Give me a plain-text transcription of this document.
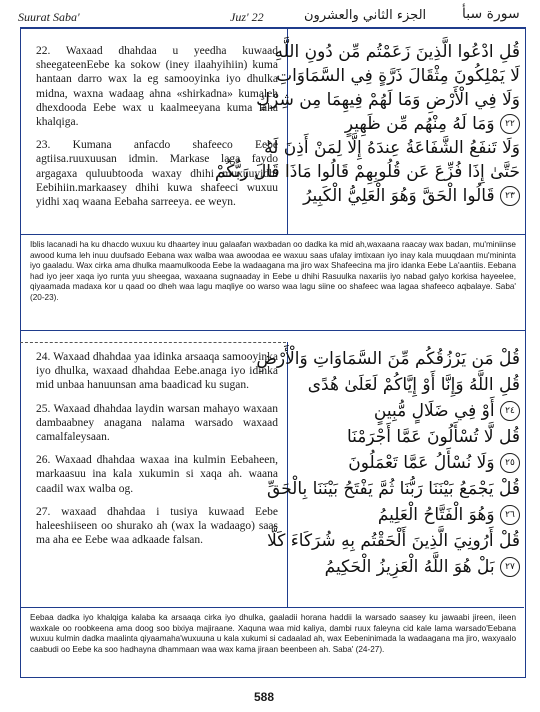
Suurat Saba'	Juz' 22	الجزء الثاني والعشرون	سورة سبأ

22. Waxaad dhahdaa u yeedha kuwaad sheegateenEebe ka sokow (iney ilaahyihiin) kuma hantaan darro wax la eg samooyinka iyo dhulka midna, waxna wadaag ahna «shirkadna» kumaleh dhexdooda Eebe wax u kaalmeeyana kuma laha khalqiga.

23. Kumana anfacdo shafeeco Eebe agtiisa.ruuxuusan idmin. Markase laga faydo argagaxa quluubtooda waxay dhihi muxuuyidhi Eebihiin.markaasey dhihi kuwa shafeeci wuxuu yidhi xaq waana Eebaha sarreeya. ee weyn.

قُلِ ادْعُوا الَّذِينَ زَعَمْتُم مِّن دُونِ اللَّهِ
لَا يَمْلِكُونَ مِثْقَالَ ذَرَّةٍ فِي السَّمَاوَاتِ
وَلَا فِي الْأَرْضِ وَمَا لَهُمْ فِيهِمَا مِن شِرْكٍ
٢٢ وَمَا لَهُ مِنْهُم مِّن ظَهِيرٍ
وَلَا تَنفَعُ الشَّفَاعَةُ عِندَهُ إِلَّا لِمَنْ أَذِنَ لَهُ
حَتَّىٰ إِذَا فُزِّعَ عَن قُلُوبِهِمْ قَالُوا مَاذَا قَالَ رَبُّكُمْ
٢٣ قَالُوا الْحَقَّ وَهُوَ الْعَلِيُّ الْكَبِيرُ

Iblis lacanadi ha ku dhacdo wuxuu ku dhaartey inuu galaafan waxbadan oo dadka ka mid ah,waxaana raacay wax badan, mu'miniinse awood kuma leh inuu duufsado Eebana wax walba waa awoodaa ee waxuu saas ufalay imtixaan iyo inay kala muuqdaan mu'mininta iyo gaaladu. Wax cirka ama dhulka maamulkooda Eebe la wadaagana ma jiro wax Shafeecina ma jiro idanka Eebe La'aantiis. Eebana had iyo jeer xaqa iyo runta yuu sheegaa, waxaana sugnaaday in Eebe u dhihi Rasuulka naxariis iyo nabad galyo korkisa hayeelee, qiyaamada madaxa kor u qaad oo dheh waa lagu maqliye oo warso waa lagu siine oo shafeec waa lagaa shafeeco aqbalaye. Saba' (20-23).

24. Waxaad dhahdaa yaa idinka arsaaqa samooyinka iyo dhulka, waxaad dhahdaa Eebe.anaga iyo idinka mid unbaa hanuunsan ama baadicad ku sugan.

25. Waxaad dhahdaa laydin warsan mahayo waxaan dambaabney anagana nalama warsado waxaad camalfaleysaan.

26. Waxaad dhahdaa waxaa ina kulmin Eebaheen, markaasuu ina kala xukumin si xaqa ah. waana caadil wax walba og.

27. waxaad dhahdaa i tusiya kuwaad Eebe haleeshiiseen oo shurako ah (wax la wadaago) saas ma aha ee Eebe waa adkaade falsan.

قُلْ مَن يَرْزُقُكُم مِّنَ السَّمَاوَاتِ وَالْأَرْضِ
قُلِ اللَّهُ وَإِنَّا أَوْ إِيَّاكُمْ لَعَلَىٰ هُدًى
٢٤ أَوْ فِي ضَلَالٍ مُّبِينٍ
قُل لَّا تُسْأَلُونَ عَمَّا أَجْرَمْنَا
٢٥ وَلَا نُسْأَلُ عَمَّا تَعْمَلُونَ
قُلْ يَجْمَعُ بَيْنَنَا رَبُّنَا ثُمَّ يَفْتَحُ بَيْنَنَا بِالْحَقِّ
٢٦ وَهُوَ الْفَتَّاحُ الْعَلِيمُ
قُلْ أَرُونِيَ الَّذِينَ أَلْحَقْتُم بِهِ شُرَكَاءَ كَلَّا
٢٧ بَلْ هُوَ اللَّهُ الْعَزِيزُ الْحَكِيمُ

Eebaa dadka iyo khalqiga kalaba ka arsaaqa cirka iyo dhulka, gaaladii horana haddii la warsado saasey ku jawaabi jireen, ileen waxkale oo roobkeena ama doog soo bixiya majiraane. Xaquna waa mid kaliya, dambi ruux faleyna cid kale lama warsado'Eebana wuxuu kulmin dadka maalinta qiyaamaha'wuxuuna u kala xukumi si cadaalad ah, wax Eebeninimada la wadaagana ma jiro, waxyaalo caabudi oo Eebe ka soo hadhayna dhammaan waa wax kama jiraan beenbeen ah. Saba' (24-27).

588
